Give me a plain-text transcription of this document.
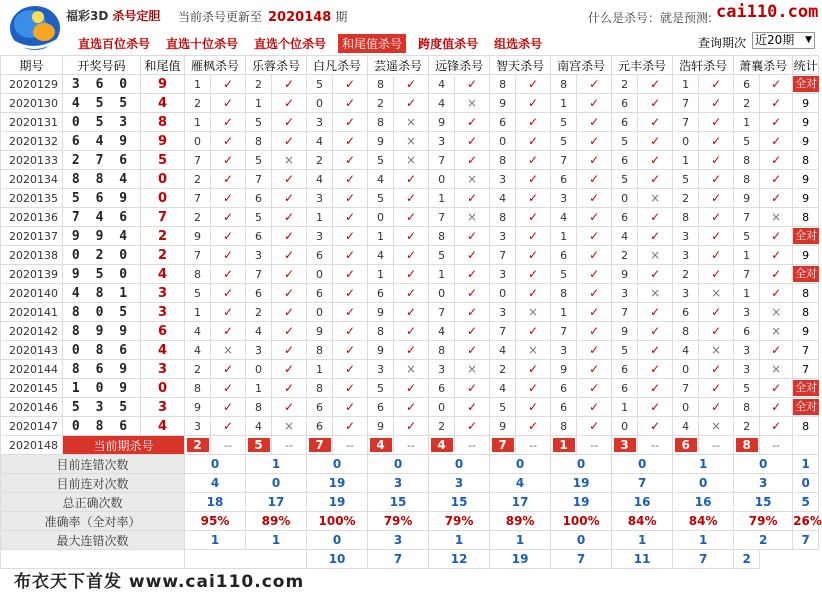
福彩3D 杀号定胆 当前杀号更新至 2020148 期	什么是杀号：就是预测: cai110.com
直选百位杀号	直选十位杀号	直选个位杀号	和尾值杀号	跨度值杀号	组选杀号	查询期次 近20期 ▼
期号	开奖号码	和尾值	雁枫杀号		乐蓉杀号		白凡杀号		芸遥杀号		远锋杀号		智天杀号		南宫杀号		元丰杀号		浩轩杀号		萧襄杀号		统计
2020129	3 6 0	9	1	✓	2	✓	5	✓	8	✓	4	✓	8	✓	8	✓	2	✓	1	✓	6	✓	全对
2020130	4 5 5	4	2	✓	1	✓	0	✓	2	✓	4	×	9	✓	1	✓	6	✓	7	✓	2	✓	9
2020131	0 5 3	8	1	✓	5	✓	3	✓	8	×	9	✓	6	✓	5	✓	6	✓	7	✓	1	✓	9
2020132	6 4 9	9	0	✓	8	✓	4	✓	9	×	3	✓	0	✓	5	✓	5	✓	0	✓	5	✓	9
2020133	2 7 6	5	7	✓	5	×	2	✓	5	×	7	✓	8	✓	7	✓	6	✓	1	✓	8	✓	8
2020134	8 8 4	0	2	✓	7	✓	4	✓	4	✓	0	×	3	✓	6	✓	5	✓	5	✓	8	✓	9
2020135	5 6 9	0	7	✓	6	✓	3	✓	5	✓	1	✓	4	✓	3	✓	0	×	2	✓	9	✓	9
2020136	7 4 6	7	2	✓	5	✓	1	✓	0	✓	7	×	8	✓	4	✓	6	✓	8	✓	7	×	8
2020137	9 9 4	2	9	✓	6	✓	3	✓	1	✓	8	✓	3	✓	1	✓	4	✓	3	✓	5	✓	全对
2020138	0 2 0	2	7	✓	3	✓	6	✓	4	✓	5	✓	7	✓	6	✓	2	×	3	✓	1	✓	9
2020139	9 5 0	4	8	✓	7	✓	0	✓	1	✓	1	✓	3	✓	5	✓	9	✓	2	✓	7	✓	全对
2020140	4 8 1	3	5	✓	6	✓	6	✓	6	✓	0	✓	0	✓	8	✓	3	×	3	×	1	✓	8
2020141	8 0 5	3	1	✓	2	✓	0	✓	9	✓	7	✓	3	×	1	✓	7	✓	6	✓	3	×	8
2020142	8 9 9	6	4	✓	4	✓	9	✓	8	✓	4	✓	7	✓	7	✓	9	✓	8	✓	6	×	9
2020143	0 8 6	4	4	×	3	✓	8	✓	9	✓	8	✓	4	×	3	✓	5	✓	4	×	3	✓	7
2020144	8 6 9	3	2	✓	0	✓	1	✓	3	×	3	×	2	✓	9	✓	6	✓	0	✓	3	×	7
2020145	1 0 9	0	8	✓	1	✓	8	✓	5	✓	6	✓	4	✓	6	✓	6	✓	7	✓	5	✓	全对
2020146	5 3 5	3	9	✓	8	✓	6	✓	6	✓	0	✓	5	✓	6	✓	1	✓	0	✓	8	✓	全对
2020147	0 8 6	4	3	✓	4	×	6	✓	9	✓	2	✓	9	✓	8	✓	0	✓	4	×	2	✓	8
2020148	当前期杀号		2	--	5	--	7	--	4	--	4	--	7	--	1	--	3	--	6	--	8	--	
目前连错次数			0		1		0		0		0		0		0		0		1		0		1
目前连对次数			4		0		19		3		3		4		19		7		0		3		0
总正确次数			18		17		19		15		15		17		19		16		16		15		5
准确率（全对率）			95%		89%		100%		79%		79%		89%		100%		84%		84%		79%		26%
最大连错次数			1		1		0		3		1		1		0		1		1		2		7
							10		7		12		19		7		11		7		2		
布衣天下首发 www.cai110.com
